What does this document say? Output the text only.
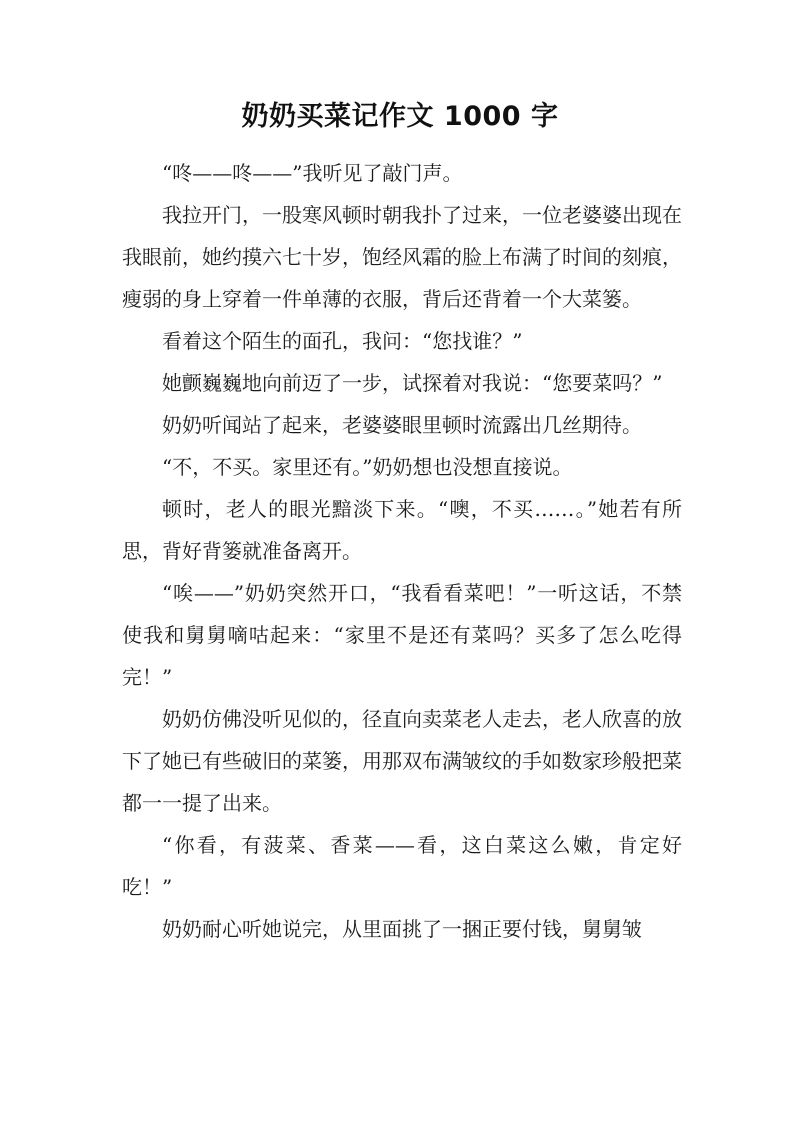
奶奶买菜记作文 1000 字

“咚——咚——”我听见了敲门声。

我拉开门，一股寒风顿时朝我扑了过来，一位老婆婆出现在我眼前，她约摸六七十岁，饱经风霜的脸上布满了时间的刻痕，瘦弱的身上穿着一件单薄的衣服，背后还背着一个大菜篓。

看着这个陌生的面孔，我问：“您找谁？”

她颤巍巍地向前迈了一步，试探着对我说：“您要菜吗？”

奶奶听闻站了起来，老婆婆眼里顿时流露出几丝期待。

“不，不买。家里还有。”奶奶想也没想直接说。

顿时，老人的眼光黯淡下来。“噢，不买……。”她若有所思，背好背篓就准备离开。

“唉——”奶奶突然开口，“我看看菜吧！”一听这话，不禁使我和舅舅嘀咕起来：“家里不是还有菜吗？买多了怎么吃得完！”

奶奶仿佛没听见似的，径直向卖菜老人走去，老人欣喜的放下了她已有些破旧的菜篓，用那双布满皱纹的手如数家珍般把菜都一一提了出来。

“你看，有菠菜、香菜——看，这白菜这么嫩，肯定好吃！”

奶奶耐心听她说完，从里面挑了一捆正要付钱，舅舅皱
